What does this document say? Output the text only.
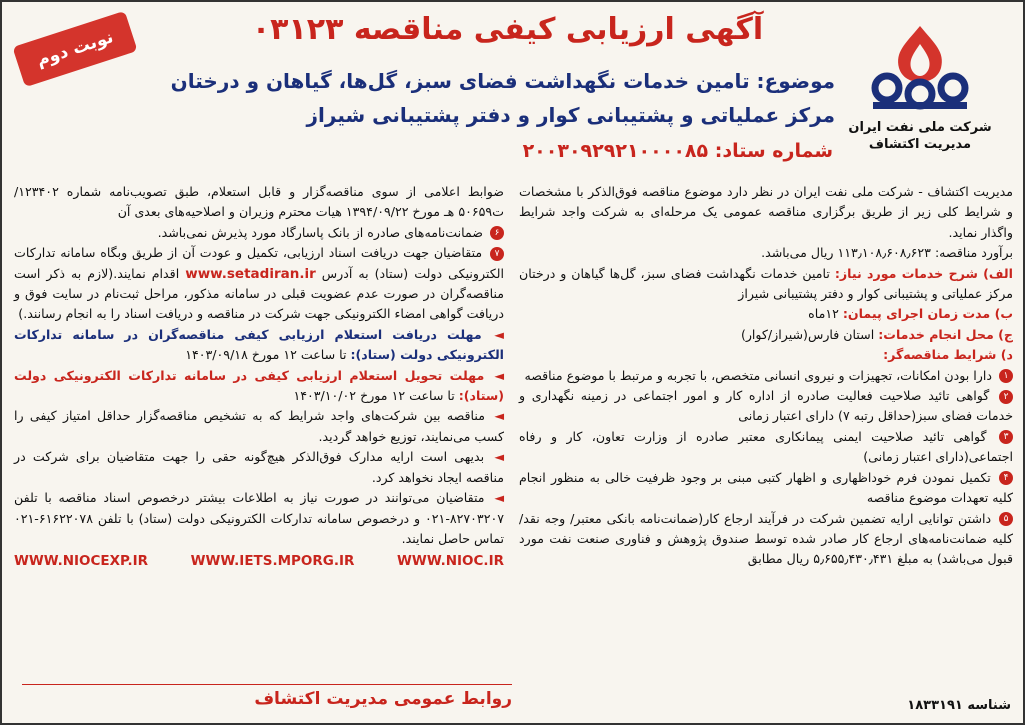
نوبت دوم	آگهی ارزیابی کیفی مناقصه ۰۳۱۲۳
موضوع: تامین خدمات نگهداشت فضای سبز، گل‌ها، گیاهان و درختان
مرکز عملیاتی و پشتیبانی کوار و دفتر پشتیبانی شیراز
شماره ستاد: ۲۰۰۳۰۹۲۹۲۱۰۰۰۰۸۵
شرکت ملی نفت ایران
مدیریت اکتشاف

مدیریت اکتشاف - شرکت ملی نفت ایران در نظر دارد موضوع مناقصه فوق‌الذکر با مشخصات و شرایط کلی زیر از طریق برگزاری مناقصه عمومی یک مرحله‌ای به شرکت واجد شرایط واگذار نماید.

برآورد مناقصه: ۱۱۳٫۱۰۸٫۶۰۸٫۶۲۳ ریال می‌باشد.

الف) شرح خدمات مورد نیاز: تامین خدمات نگهداشت فضای سبز، گل‌ها گیاهان و درختان مرکز عملیاتی و پشتیبانی کوار و دفتر پشتیبانی شیراز

ب) مدت زمان اجرای پیمان: ۱۲ماه

ج) محل انجام خدمات: استان فارس(شیراز/کوار)

د) شرایط مناقصه‌گر:

۱ دارا بودن امکانات، تجهیزات و نیروی انسانی متخصص، با تجربه و مرتبط با موضوع مناقصه

۲ گواهی تائید صلاحیت فعالیت صادره از اداره کار و امور اجتماعی در زمینه نگهداری و خدمات فضای سبز(حداقل رتبه ۷) دارای اعتبار زمانی

۳ گواهی تائید صلاحیت ایمنی پیمانکاری معتبر صادره از وزارت تعاون، کار و رفاه اجتماعی(دارای اعتبار زمانی)

۴ تکمیل نمودن فرم خوداظهاری و اظهار کتبی مبنی بر وجود ظرفیت خالی به منظور انجام کلیه تعهدات موضوع مناقصه

۵ داشتن توانایی ارایه تضمین شرکت در فرآیند ارجاع کار(ضمانت‌نامه بانکی معتبر/ وجه نقد/ کلیه ضمانت‌نامه‌های ارجاع کار صادر شده توسط صندوق پژوهش و فناوری صنعت نفت مورد قبول می‌باشد) به مبلغ ۵٫۶۵۵٫۴۳۰٫۴۳۱ ریال مطابق

ضوابط اعلامی از سوی مناقصه‌گزار و قابل استعلام، طبق تصویب‌نامه شماره ۱۲۳۴۰۲/ت۵۰۶۵۹ هـ مورخ ۱۳۹۴/۰۹/۲۲ هیات محترم وزیران و اصلاحیه‌های بعدی آن

۶ ضمانت‌نامه‌های صادره از بانک پاسارگاد مورد پذیرش نمی‌باشد.

۷ متقاضیان جهت دریافت اسناد ارزیابی، تکمیل و عودت آن از طریق وبگاه سامانه تدارکات الکترونیکی دولت (ستاد) به آدرس www.setadiran.ir اقدام نمایند.(لازم به ذکر است مناقصه‌گران در صورت عدم عضویت قبلی در سامانه مذکور، مراحل ثبت‌نام در سایت فوق و دریافت گواهی امضاء الکترونیکی جهت شرکت در مناقصه و دریافت اسناد را به انجام رسانند.)

◄ مهلت دریافت استعلام ارزیابی کیفی مناقصه‌گران در سامانه تدارکات الکترونیکی دولت (ستاد): تا ساعت ۱۲ مورخ ۱۴۰۳/۰۹/۱۸

◄ مهلت تحویل استعلام ارزیابی کیفی در سامانه تدارکات الکترونیکی دولت (ستاد): تا ساعت ۱۲ مورخ ۱۴۰۳/۱۰/۰۲

◄ مناقصه بین شرکت‌های واجد شرایط که به تشخیص مناقصه‌گزار حداقل امتیاز کیفی را کسب می‌نمایند، توزیع خواهد گردید.

◄ بدیهی است ارایه مدارک فوق‌الذکر هیچ‌گونه حقی را جهت متقاضیان برای شرکت در مناقصه ایجاد نخواهد کرد.

◄ متقاضیان می‌توانند در صورت نیاز به اطلاعات بیشتر درخصوص اسناد مناقصه با تلفن ۸۲۷۰۳۲۰۷-۰۲۱ و درخصوص سامانه تدارکات الکترونیکی دولت (ستاد) با تلفن ۶۱۶۲۲۰۷۸-۰۲۱ تماس حاصل نمایند.

WWW.NIOCEXP.IR	WWW.IETS.MPORG.IR	WWW.NIOC.IR
روابط عمومی مدیریت اکتشاف	شناسه ۱۸۳۳۱۹۱
